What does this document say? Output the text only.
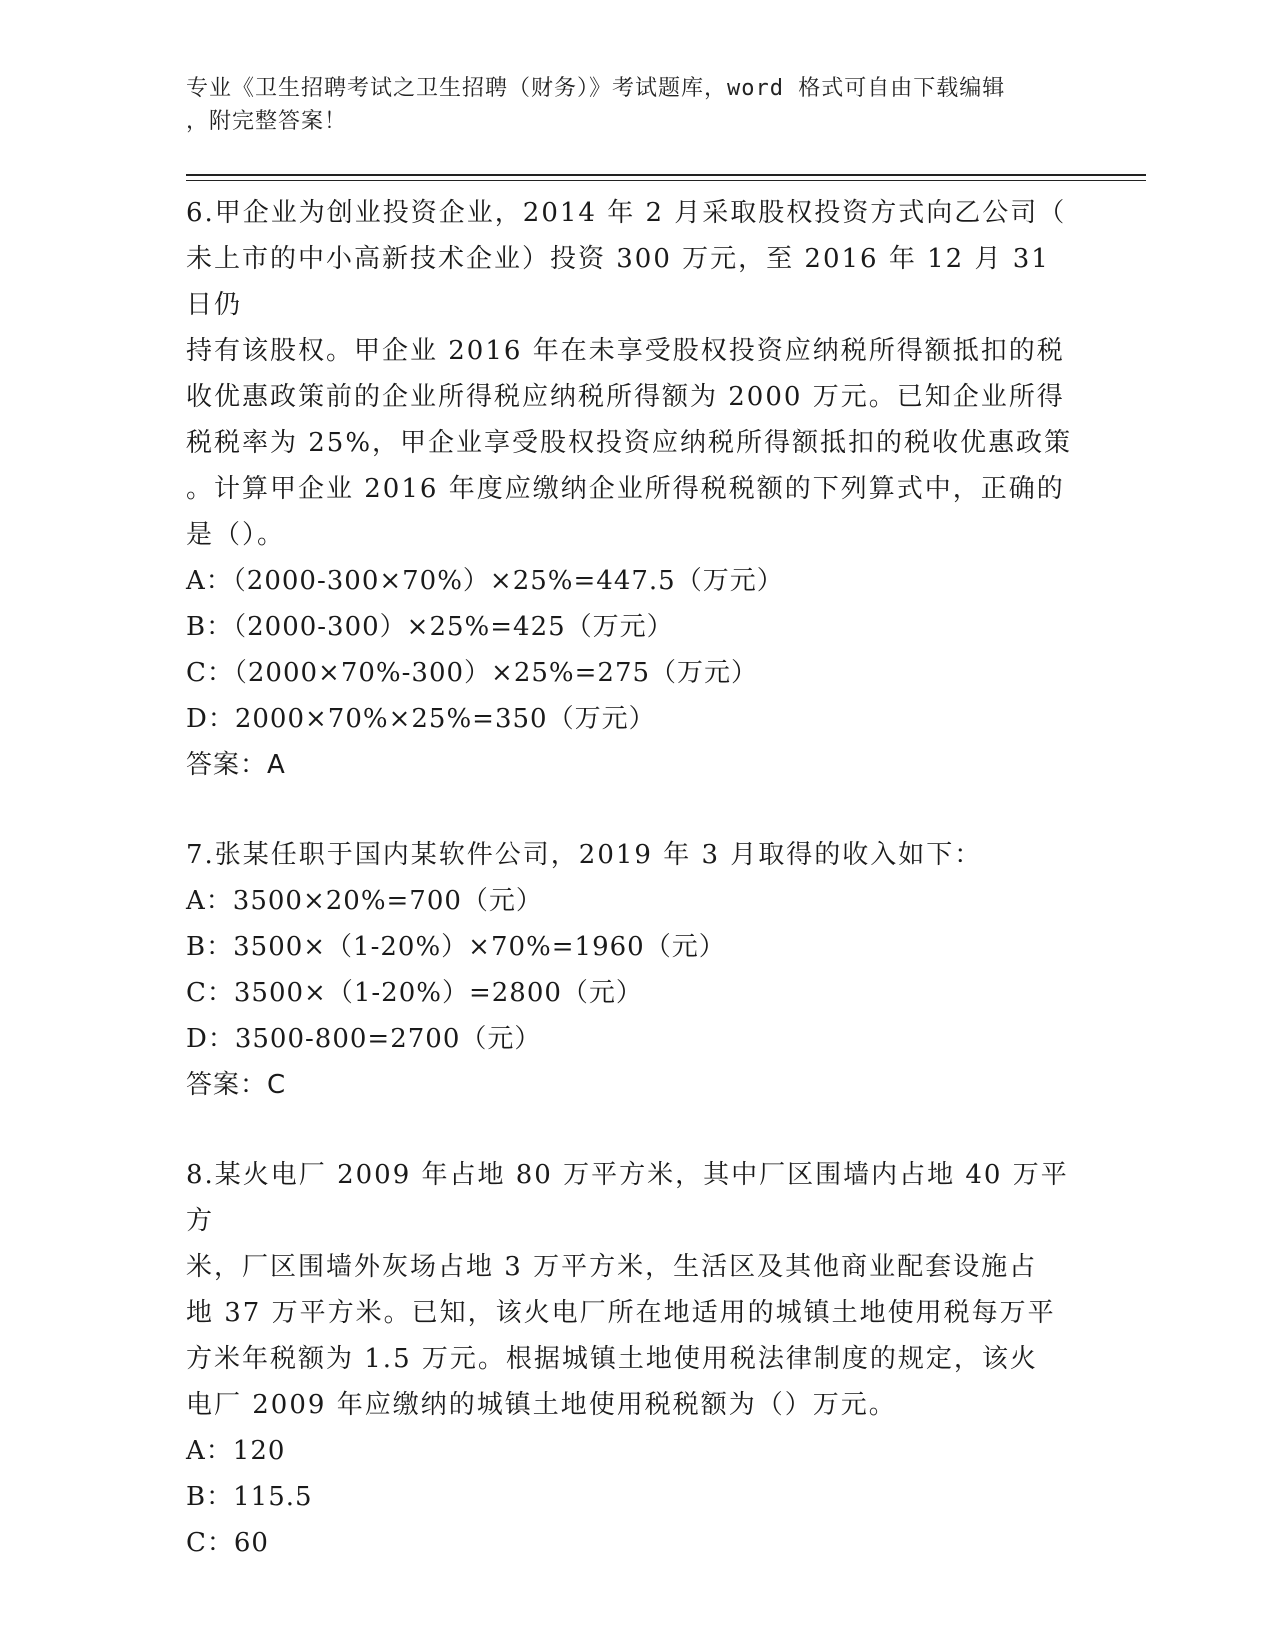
专业《卫生招聘考试之卫生招聘（财务）》考试题库，word 格式可自由下载编辑
，附完整答案！

6.甲企业为创业投资企业，2014 年 2 月采取股权投资方式向乙公司（

未上市的中小高新技术企业）投资 300 万元，至 2016 年 12 月 31 日仍

持有该股权。甲企业 2016 年在未享受股权投资应纳税所得额抵扣的税

收优惠政策前的企业所得税应纳税所得额为 2000 万元。已知企业所得

税税率为 25%，甲企业享受股权投资应纳税所得额抵扣的税收优惠政策

。计算甲企业 2016 年度应缴纳企业所得税税额的下列算式中，正确的

是（）。

A：（2000-300×70%）×25%=447.5（万元）

B：（2000-300）×25%=425（万元）

C：（2000×70%-300）×25%=275（万元）

D：2000×70%×25%=350（万元）

答案：A

7.张某任职于国内某软件公司，2019 年 3 月取得的收入如下：

A：3500×20%=700（元）

B：3500×（1-20%）×70%=1960（元）

C：3500×（1-20%）=2800（元）

D：3500-800=2700（元）

答案：C

8.某火电厂 2009 年占地 80 万平方米，其中厂区围墙内占地 40 万平方

米，厂区围墙外灰场占地 3 万平方米，生活区及其他商业配套设施占

地 37 万平方米。已知，该火电厂所在地适用的城镇土地使用税每万平

方米年税额为 1.5 万元。根据城镇土地使用税法律制度的规定，该火

电厂 2009 年应缴纳的城镇土地使用税税额为（）万元。

A：120

B：115.5

C：60
